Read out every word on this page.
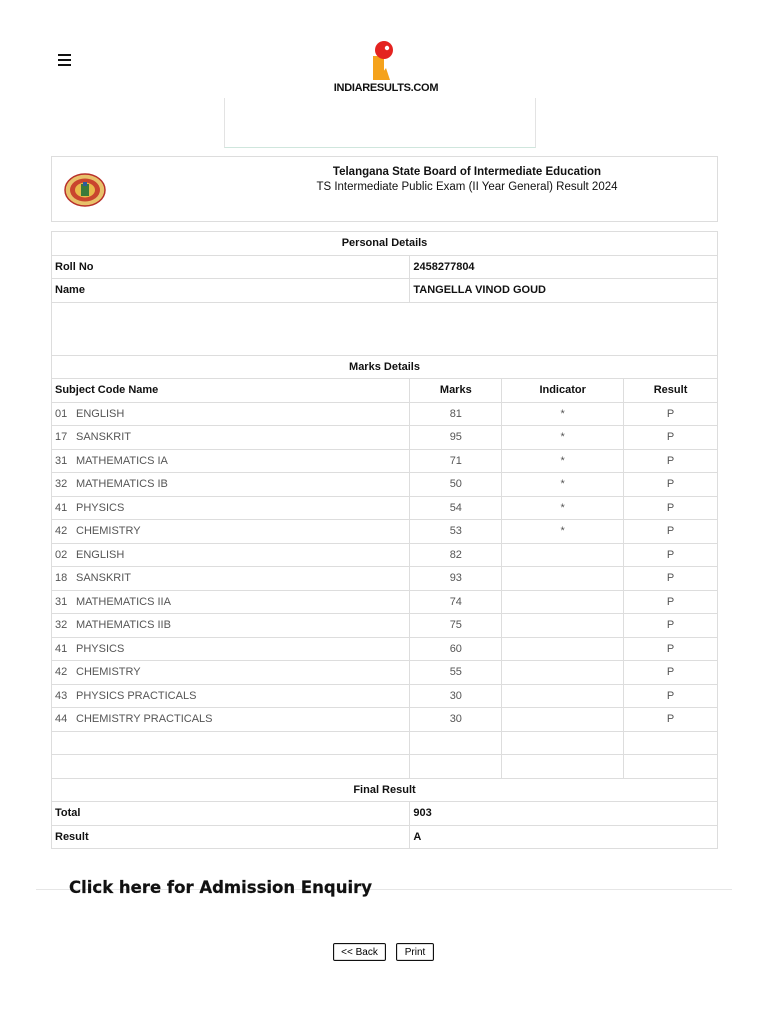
INDIARESULTS.COM
Telangana State Board of Intermediate Education
TS Intermediate Public Exam (II Year General) Result 2024
Personal Details			
Roll No	2458277804		
Name	TANGELLA VINOD GOUD		

Marks Details			
Subject Code Name	Marks	Indicator	Result
01 ENGLISH	81	*	P
17 SANSKRIT	95	*	P
31 MATHEMATICS IA	71	*	P
32 MATHEMATICS IB	50	*	P
41 PHYSICS	54	*	P
42 CHEMISTRY	53	*	P
02 ENGLISH	82		P
18 SANSKRIT	93		P
31 MATHEMATICS IIA	74		P
32 MATHEMATICS IIB	75		P
41 PHYSICS	60		P
42 CHEMISTRY	55		P
43 PHYSICS PRACTICALS	30		P
44 CHEMISTRY PRACTICALS	30		P

Final Result			
Total	903		
Result	A		
Click here for Admission Enquiry
<< Back	Print
